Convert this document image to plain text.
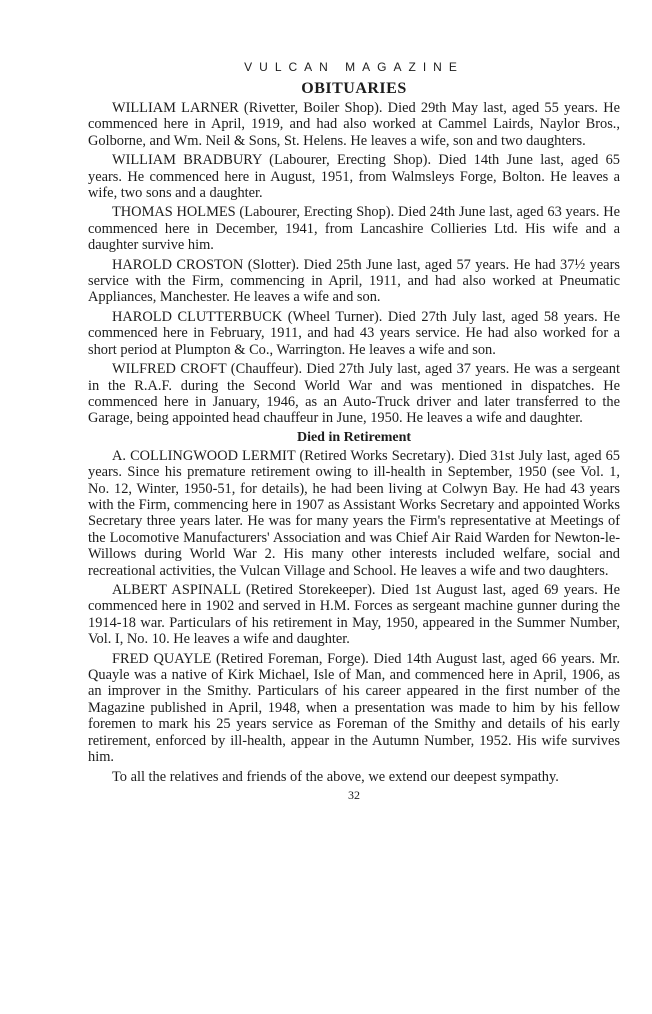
VULCAN MAGAZINE
OBITUARIES

WILLIAM LARNER (Rivetter, Boiler Shop). Died 29th May last, aged 55 years. He commenced here in April, 1919, and had also worked at Cammel Lairds, Naylor Bros., Golborne, and Wm. Neil & Sons, St. Helens. He leaves a wife, son and two daughters.

WILLIAM BRADBURY (Labourer, Erecting Shop). Died 14th June last, aged 65 years. He commenced here in August, 1951, from Walmsleys Forge, Bolton. He leaves a wife, two sons and a daughter.

THOMAS HOLMES (Labourer, Erecting Shop). Died 24th June last, aged 63 years. He commenced here in December, 1941, from Lancashire Collieries Ltd. His wife and a daughter survive him.

HAROLD CROSTON (Slotter). Died 25th June last, aged 57 years. He had 37½ years service with the Firm, commencing in April, 1911, and had also worked at Pneumatic Appliances, Manchester. He leaves a wife and son.

HAROLD CLUTTERBUCK (Wheel Turner). Died 27th July last, aged 58 years. He commenced here in February, 1911, and had 43 years service. He had also worked for a short period at Plumpton & Co., Warrington. He leaves a wife and son.

WILFRED CROFT (Chauffeur). Died 27th July last, aged 37 years. He was a sergeant in the R.A.F. during the Second World War and was mentioned in dispatches. He commenced here in January, 1946, as an Auto-Truck driver and later transferred to the Garage, being appointed head chauffeur in June, 1950. He leaves a wife and daughter.

Died in Retirement

A. COLLINGWOOD LERMIT (Retired Works Secretary). Died 31st July last, aged 65 years. Since his premature retirement owing to ill-health in September, 1950 (see Vol. 1, No. 12, Winter, 1950-51, for details), he had been living at Colwyn Bay. He had 43 years with the Firm, commencing here in 1907 as Assistant Works Secretary and appointed Works Secretary three years later. He was for many years the Firm's representative at Meetings of the Locomotive Manufacturers' Association and was Chief Air Raid Warden for Newton-le-Willows during World War 2. His many other interests included welfare, social and recreational activities, the Vulcan Village and School. He leaves a wife and two daughters.

ALBERT ASPINALL (Retired Storekeeper). Died 1st August last, aged 69 years. He commenced here in 1902 and served in H.M. Forces as sergeant machine gunner during the 1914-18 war. Particulars of his retirement in May, 1950, appeared in the Summer Number, Vol. I, No. 10. He leaves a wife and daughter.

FRED QUAYLE (Retired Foreman, Forge). Died 14th August last, aged 66 years. Mr. Quayle was a native of Kirk Michael, Isle of Man, and commenced here in April, 1906, as an improver in the Smithy. Particulars of his career appeared in the first number of the Magazine published in April, 1948, when a presentation was made to him by his fellow foremen to mark his 25 years service as Foreman of the Smithy and details of his early retirement, enforced by ill-health, appear in the Autumn Number, 1952. His wife survives him.

To all the relatives and friends of the above, we extend our deepest sympathy.

32
